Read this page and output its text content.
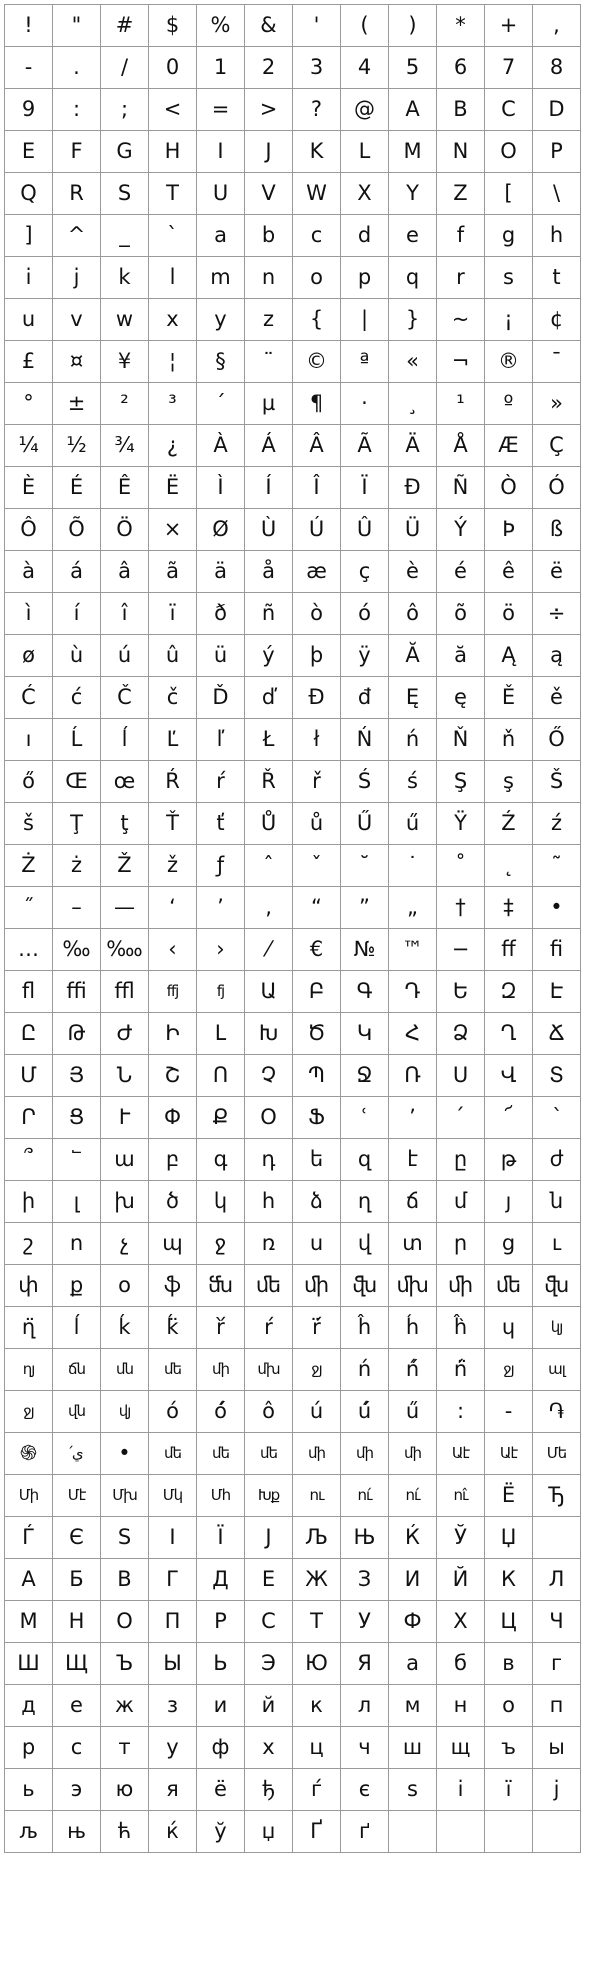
!	"	#	$	%	&	'	(	)	*	+	,
-	.	/	0	1	2	3	4	5	6	7	8
9	:	;	<	=	>	?	@	A	B	C	D
E	F	G	H	I	J	K	L	M	N	O	P
Q	R	S	T	U	V	W	X	Y	Z	[	\
]	^	_	`	a	b	c	d	e	f	g	h
i	j	k	l	m	n	o	p	q	r	s	t
u	v	w	x	y	z	{	|	}	~	¡	¢
£	¤	¥	¦	§	¨	©	ª	«	¬	®	¯
°	±	²	³	´	µ	¶	·	¸	¹	º	»
¼	½	¾	¿	À	Á	Â	Ã	Ä	Å	Æ	Ç
È	É	Ê	Ë	Ì	Í	Î	Ï	Ð	Ñ	Ò	Ó
Ô	Õ	Ö	×	Ø	Ù	Ú	Û	Ü	Ý	Þ	ß
à	á	â	ã	ä	å	æ	ç	è	é	ê	ë
ì	í	î	ï	ð	ñ	ò	ó	ô	õ	ö	÷
ø	ù	ú	û	ü	ý	þ	ÿ	Ă	ă	Ą	ą
Ć	ć	Č	č	Ď	ď	Đ	đ	Ę	ę	Ě	ě
ı	Ĺ	ĺ	Ľ	ľ	Ł	ł	Ń	ń	Ň	ň	Ő
ő	Œ	œ	Ŕ	ŕ	Ř	ř	Ś	ś	Ş	ş	Š
š	Ţ	ţ	Ť	ť	Ů	ů	Ű	ű	Ÿ	Ź	ź
Ż	ż	Ž	ž	ƒ	ˆ	ˇ	˘	˙	˚	˛	˜
˝	–	—	‘	’	‚	“	”	„	†	‡	•
…	‰ ‱	‹	›	⁄	€	№	™	−	ﬀ	ﬁ
ﬂ	ﬃ	ﬄ	ffj	fj	Ա	Բ	Գ	Դ	Ե	Զ	Է
Ը	Թ	Ժ	Ի	Լ	Խ	Ծ	Կ	Հ	Ձ	Ղ	Ճ
Մ	Յ	Ն	Շ	Ո	Չ	Պ	Ջ	Ռ	Ս	Վ	Տ
Ր	Ց	Ւ	Փ	Ք	Օ	Ֆ	ՙ	՚	՛	՜	՝
՞	՟	ա	բ	գ	դ	ե	զ	է	ը	թ	ժ
ի	լ	խ	ծ	կ	հ	ձ	ղ	ճ	մ	յ	ն
շ	ո	չ	պ	ջ	ռ	ս	վ	տ	ր	ց	ւ
փ	ք	օ	ֆ	ﬓ	ﬔ	ﬕ	ﬖ ﬗ ﬕ	ﬔ	ﬖ
ղ̈	ĺ	ḱ	ḱ̈	ŕ̀	ŕ	ŕ̈	ĥ	h́	ĥ̀	ɥ	կյ
ղյ	ճն	մն	մե	մի	մխ	ջյ	ń	ń́	ń̈	ջյ	ալ
ջյ	վն	վյ	ó	ó́	ô	ú	ú́	ű	:	-	֏
֍	՛ي	•	մե	մե	մե	մի	մի	մի	Աէ	Աէ	Մե
Մի	Մէ	Մխ	Մկ	Մհ	Խք	ու	ու́	ու́	ու̂	Ё	Ђ
Ѓ	Є	Ѕ	І	Ї	Ј	Љ	Њ	Ќ	Ў	Џ
А	Б	В	Г	Д	Е	Ж	З	И	Й	К	Л
М	Н	О	П	Р	С	Т	У	Ф	Х	Ц	Ч
Ш	Щ	Ъ	Ы	Ь	Э	Ю	Я	а	б	в	г
д	е	ж	з	и	й	к	л	м	н	о	п
р	с	т	у	ф	х	ц	ч	ш	щ	ъ	ы
ь	э	ю	я	ё	ђ	ѓ	є	ѕ	і	ї	ј
љ	њ	ћ	ќ	ў	џ	Ґ	ґ
